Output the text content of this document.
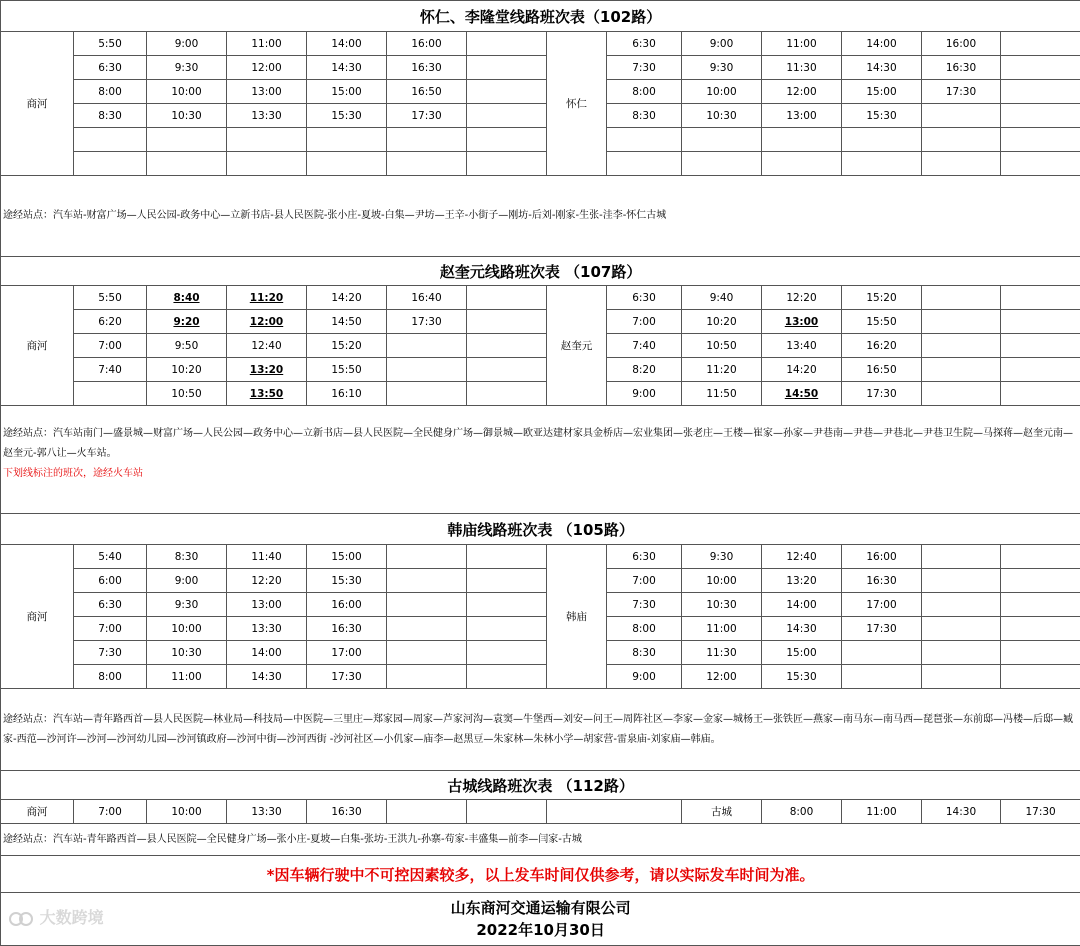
怀仁、李隆堂线路班次表（102路）													
商河	5:50	9:00	11:00	14:00	16:00		怀仁	6:30	9:00	11:00	14:00	16:00	
	6:30	9:30	12:00	14:30	16:30			7:30	9:30	11:30	14:30	16:30	
	8:00	10:00	13:00	15:00	16:50			8:00	10:00	12:00	15:00	17:30	
	8:30	10:30	13:30	15:30	17:30			8:30	10:30	13:00	15:30		

途经站点：汽车站-财富广场—人民公园-政务中心—立新书店-县人民医院-张小庄-夏坡-白集—尹坊—王辛-小街子—刚坊-后刘-刚家-生张-洼李-怀仁古城													
赵奎元线路班次表 （107路）													
商河	5:50	8:40	11:20	14:20	16:40		赵奎元	6:30	9:40	12:20	15:20		
	6:20	9:20	12:00	14:50	17:30			7:00	10:20	13:00	15:50		
	7:00	9:50	12:40	15:20				7:40	10:50	13:40	16:20		
	7:40	10:20	13:20	15:50				8:20	11:20	14:20	16:50		
		10:50	13:50	16:10				9:00	11:50	14:50	17:30		
途经站点：汽车站南门—盛景城—财富广场—人民公园—政务中心—立新书店—县人民医院—全民健身广场—御景城—欧亚达建材家具金桥店—宏业集团—张老庄—王楼—崔家—孙家—尹巷南—尹巷—尹巷北—尹巷卫生院—马探蒋—赵奎元南—赵奎元-郭八让—火车站。
下划线标注的班次，途经火车站													
韩庙线路班次表 （105路）													
商河	5:40	8:30	11:40	15:00			韩庙	6:30	9:30	12:40	16:00		
	6:00	9:00	12:20	15:30				7:00	10:00	13:20	16:30		
	6:30	9:30	13:00	16:00				7:30	10:30	14:00	17:00		
	7:00	10:00	13:30	16:30				8:00	11:00	14:30	17:30		
	7:30	10:30	14:00	17:00				8:30	11:30	15:00			
	8:00	11:00	14:30	17:30				9:00	12:00	15:30			
途经站点：汽车站—青年路西首—县人民医院—林业局—科技局—中医院—三里庄—郑家园—周家—芦家河沟—袁窦—牛堡西—刘安—问王—周阵社区—李家—金家—城杨王—张铁匠—燕家—南马东—南马西—琵琶张—东前邸—冯楼—后邸—臧家-西范—沙河许—沙河—沙河幼儿园—沙河镇政府—沙河中街—沙河西街 -沙河社区—小仉家—庙李—赵黑豆—朱家林—朱林小学—胡家营-雷泉庙-刘家庙—韩庙。													
古城线路班次表 （112路）													
商河	7:00	10:00	13:30	16:30					古城	8:00	11:00	14:30	17:30
途经站点：汽车站-青年路西首—县人民医院—全民健身广场—张小庄-夏坡—白集-张坊-王洪九-孙寨-苟家-丰盛集—前李—闫家-古城													
*因车辆行驶中不可控因素较多，以上发车时间仅供参考，请以实际发车时间为准。													

山东商河交通运输有限公司
2022年10月30日													
大数跨境
